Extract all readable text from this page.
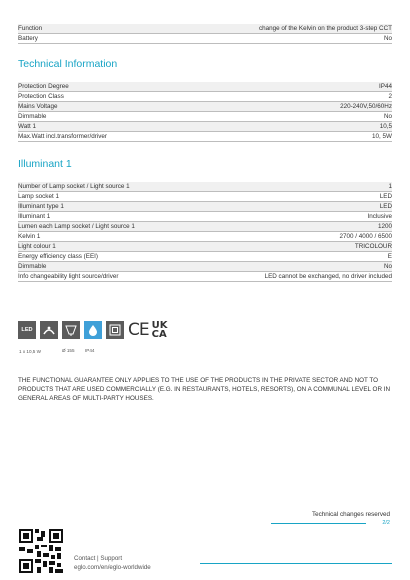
Function	change of the Kelvin on the product 3-step CCT
Battery	No
Technical Information
Protection Degree	IP44
Protection Class	2
Mains Voltage	220-240V,50/60Hz
Dimmable	No
Watt 1	10,5
Max.Watt incl.transformer/driver	10, 5W
Illuminant 1
Number of Lamp socket / Light source 1	1
Lamp socket 1	LED
Illuminant type 1	LED
Illuminant 1	Inclusive
Lumen each Lamp socket / Light source 1	1200
Kelvin 1	2700 / 4000 / 6500
Light colour 1	TRICOLOUR
Energy efficiency class (EEI)	E
Dimmable	No
Info changeability light source/driver	LED cannot be exchanged, no driver included
LED	CE UK
CA
1 x 10,5 W	Ø 155 IP44
THE FUNCTIONAL GUARANTEE ONLY APPLIES TO THE USE OF THE PRODUCTS IN THE PRIVATE SECTOR AND NOT TO PRODUCTS THAT ARE USED COMMERCIALLY (E.G. IN RESTAURANTS, HOTELS, RESORTS), ON A COMMUNAL LEVEL OR IN GENERAL AREAS OF MULTI-PARTY HOUSES.
Technical changes reserved
2/2
Contact | Support
eglo.com/en/eglo-worldwide
